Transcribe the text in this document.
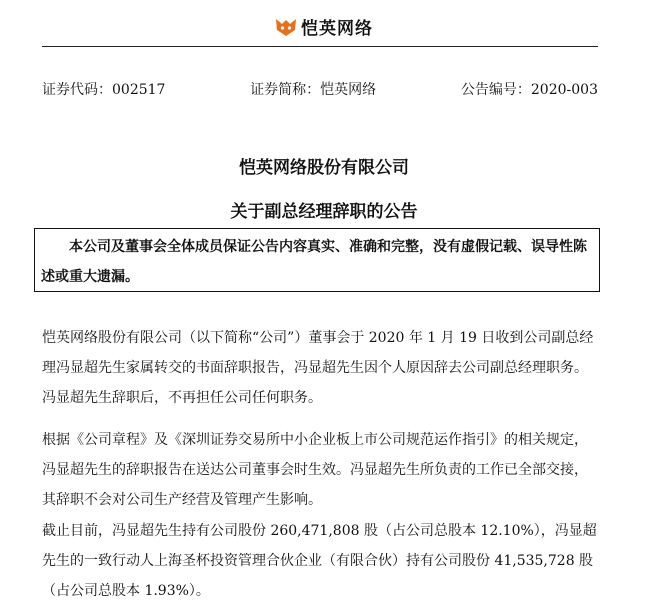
恺英网络
证券代码：002517	证券简称：恺英网络	公告编号：2020-003
恺英网络股份有限公司
关于副总经理辞职的公告
本公司及董事会全体成员保证公告内容真实、准确和完整，没有虚假记载、误导性陈述或重大遗漏。

恺英网络股份有限公司（以下简称“公司”）董事会于 2020 年 1 月 19 日收到公司副总经理冯显超先生家属转交的书面辞职报告，冯显超先生因个人原因辞去公司副总经理职务。冯显超先生辞职后，不再担任公司任何职务。

根据《公司章程》及《深圳证券交易所中小企业板上市公司规范运作指引》的相关规定，冯显超先生的辞职报告在送达公司董事会时生效。冯显超先生所负责的工作已全部交接，其辞职不会对公司生产经营及管理产生影响。

截止目前，冯显超先生持有公司股份 260,471,808 股（占公司总股本 12.10%），冯显超先生的一致行动人上海圣杯投资管理合伙企业（有限合伙）持有公司股份 41,535,728 股（占公司总股本 1.93%）。
